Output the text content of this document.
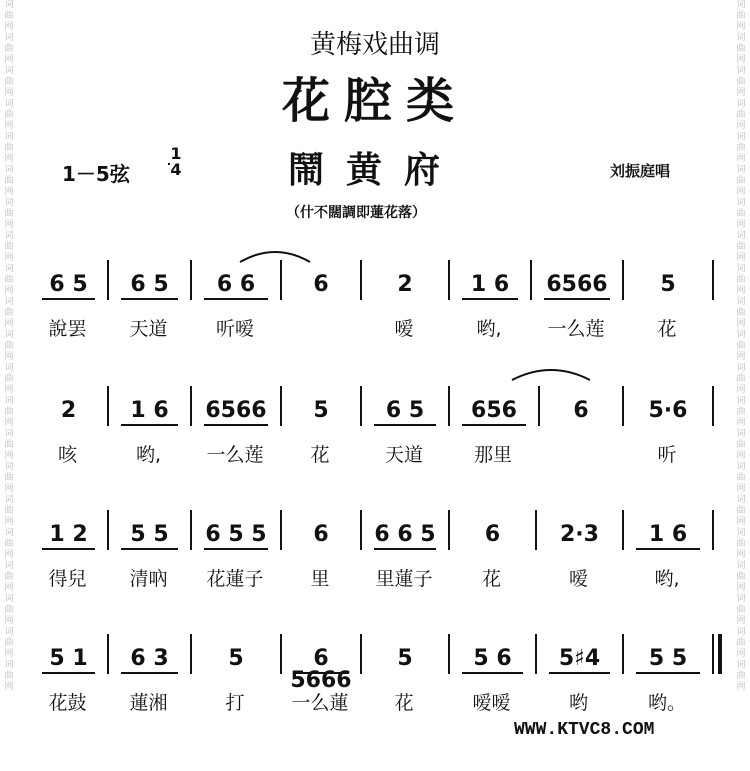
词曲网词曲网词曲网词曲网词曲网词曲网词曲网词曲网词曲网词曲网词曲网词曲网词曲网词曲网词曲网词曲网词曲网词曲网词曲网词曲网词曲网
词曲网词曲网词曲网词曲网词曲网词曲网词曲网词曲网词曲网词曲网词曲网词曲网词曲网词曲网词曲网词曲网词曲网词曲网词曲网词曲网词曲网
黄梅戏曲调
花腔类
鬧黄府
1－5弦
1
4	刘振庭唱
（什不闊調即蓮花落）
6 5
說罢
6 5
天道
6 6
听嗳
6	2
嗳
1 6
哟,
6566
一么莲
5
花
2
咳
1 6
哟,
6566
一么莲
5
花
6 5
天道
656
那里
6	5·6
听
1 2
得兒
5 5
清吶
6 5 5
花蓮子
6
里
6 6 5
里蓮子
6
花
2·3
嗳
1 6
哟,
5 1
花鼓
6 3
蓮湘
5
打
6 5666
一么蓮
5
花
5 6
嗳嗳
5♯4
哟
5 5
哟。
WWW.KTVC8.COM
